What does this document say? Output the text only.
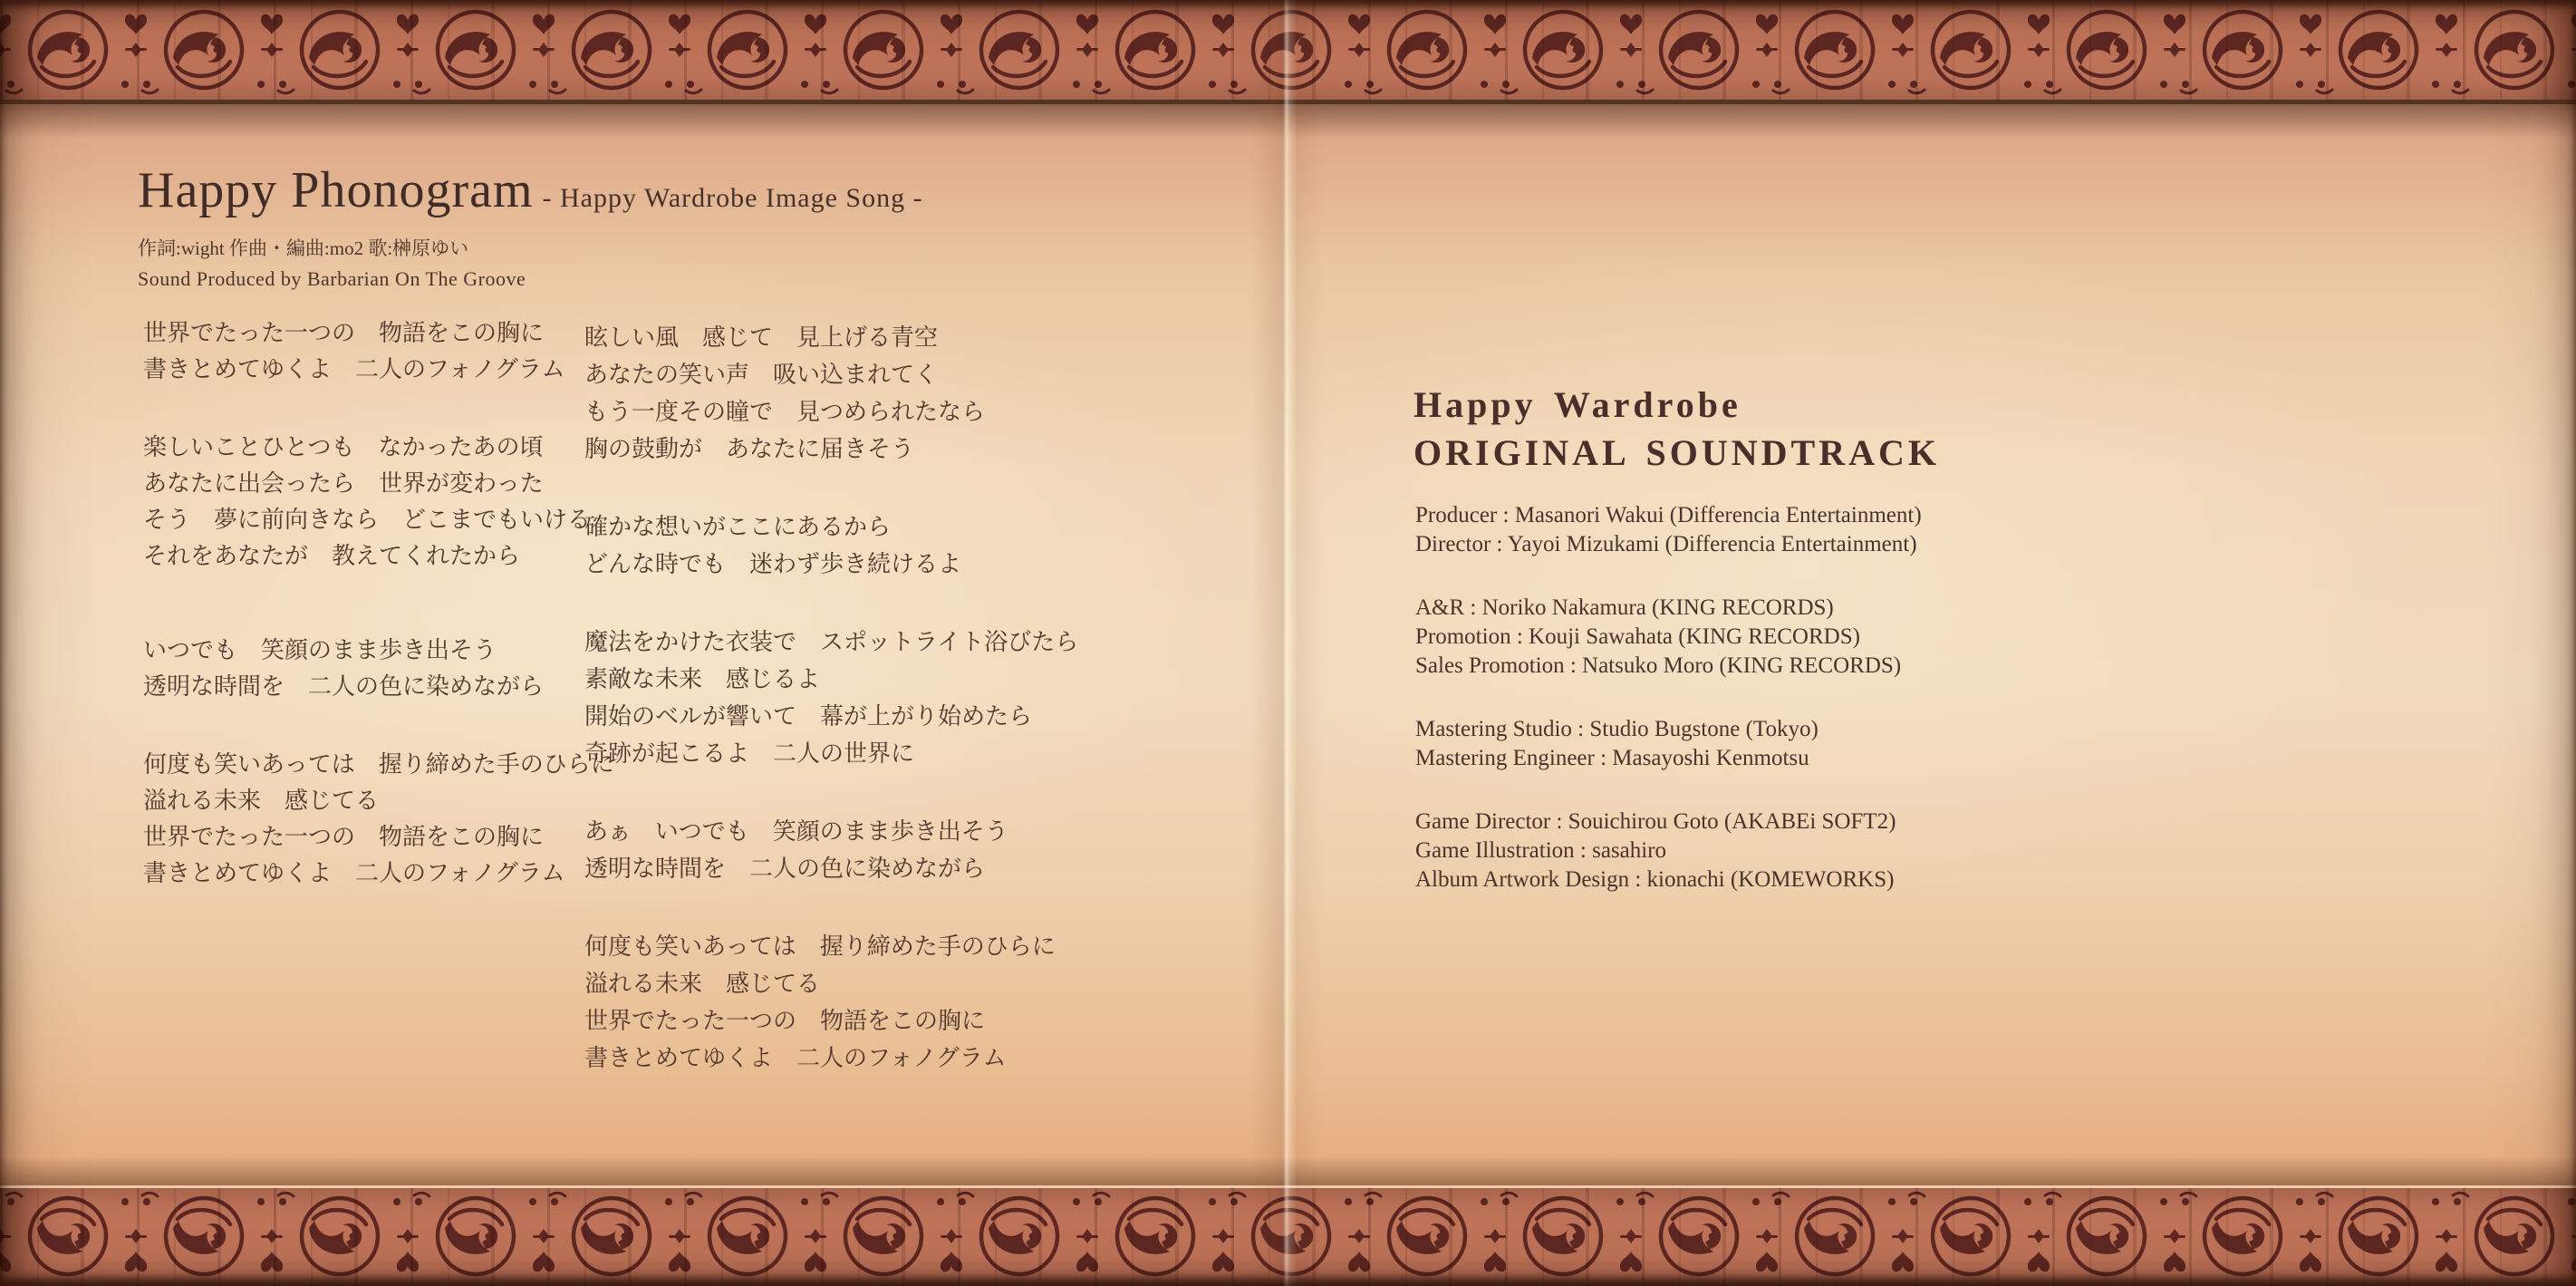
Happy Phonogram - Happy Wardrobe Image Song -
作詞:wight 作曲・編曲:mo2 歌:榊原ゆい
Sound Produced by Barbarian On The Groove
世界でたった一つの　物語をこの胸に
書きとめてゆくよ　二人のフォノグラム
楽しいことひとつも　なかったあの頃
あなたに出会ったら　世界が変わった
そう　夢に前向きなら　どこまでもいける
それをあなたが　教えてくれたから
いつでも　笑顔のまま歩き出そう
透明な時間を　二人の色に染めながら
何度も笑いあっては　握り締めた手のひらに
溢れる未来　感じてる
世界でたった一つの　物語をこの胸に
書きとめてゆくよ　二人のフォノグラム
眩しい風　感じて　見上げる青空
あなたの笑い声　吸い込まれてく
もう一度その瞳で　見つめられたなら
胸の鼓動が　あなたに届きそう
確かな想いがここにあるから
どんな時でも　迷わず歩き続けるよ
魔法をかけた衣装で　スポットライト浴びたら
素敵な未来　感じるよ
開始のベルが響いて　幕が上がり始めたら
奇跡が起こるよ　二人の世界に
あぁ　いつでも　笑顔のまま歩き出そう
透明な時間を　二人の色に染めながら
何度も笑いあっては　握り締めた手のひらに
溢れる未来　感じてる
世界でたった一つの　物語をこの胸に
書きとめてゆくよ　二人のフォノグラム
Happy Wardrobe
ORIGINAL SOUNDTRACK
Producer : Masanori Wakui (Differencia Entertainment)
Director : Yayoi Mizukami (Differencia Entertainment)
A&R : Noriko Nakamura (KING RECORDS)
Promotion : Kouji Sawahata (KING RECORDS)
Sales Promotion : Natsuko Moro (KING RECORDS)
Mastering Studio : Studio Bugstone (Tokyo)
Mastering Engineer : Masayoshi Kenmotsu
Game Director : Souichirou Goto (AKABEi SOFT2)
Game Illustration : sasahiro
Album Artwork Design : kionachi (KOMEWORKS)
